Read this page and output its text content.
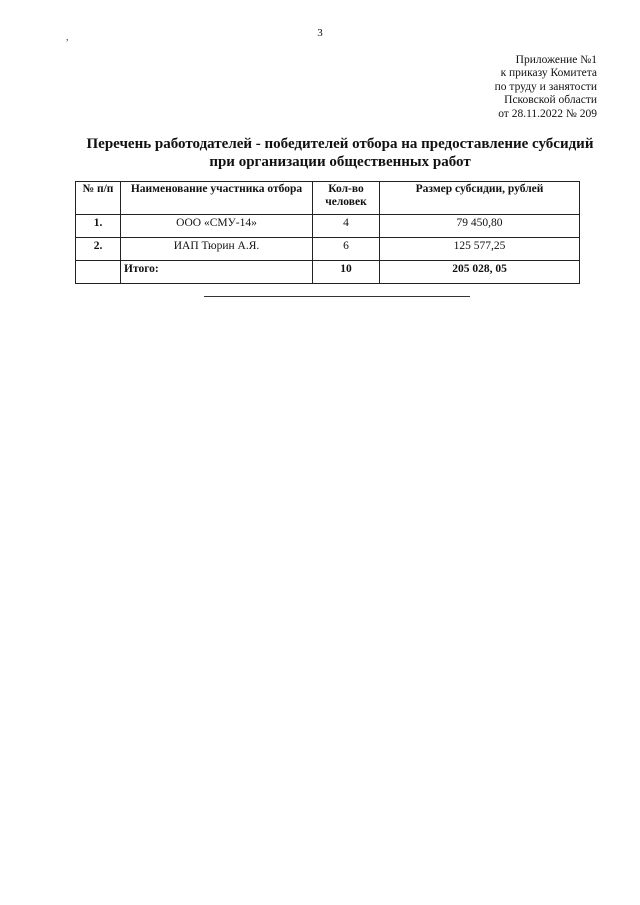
3
,
Приложение №1
к приказу Комитета
по труду и занятости
Псковской области
от 28.11.2022 № 209
Перечень работодателей - победителей отбора на предоставление субсидий
при организации общественных работ
№ п/п	Наименование участника отбора	Кол-во человек	Размер субсидии, рублей
1.	ООО «СМУ-14»	4	79 450,80
2.	ИАП Тюрин А.Я.	6	125 577,25
	Итого:	10	205 028, 05
